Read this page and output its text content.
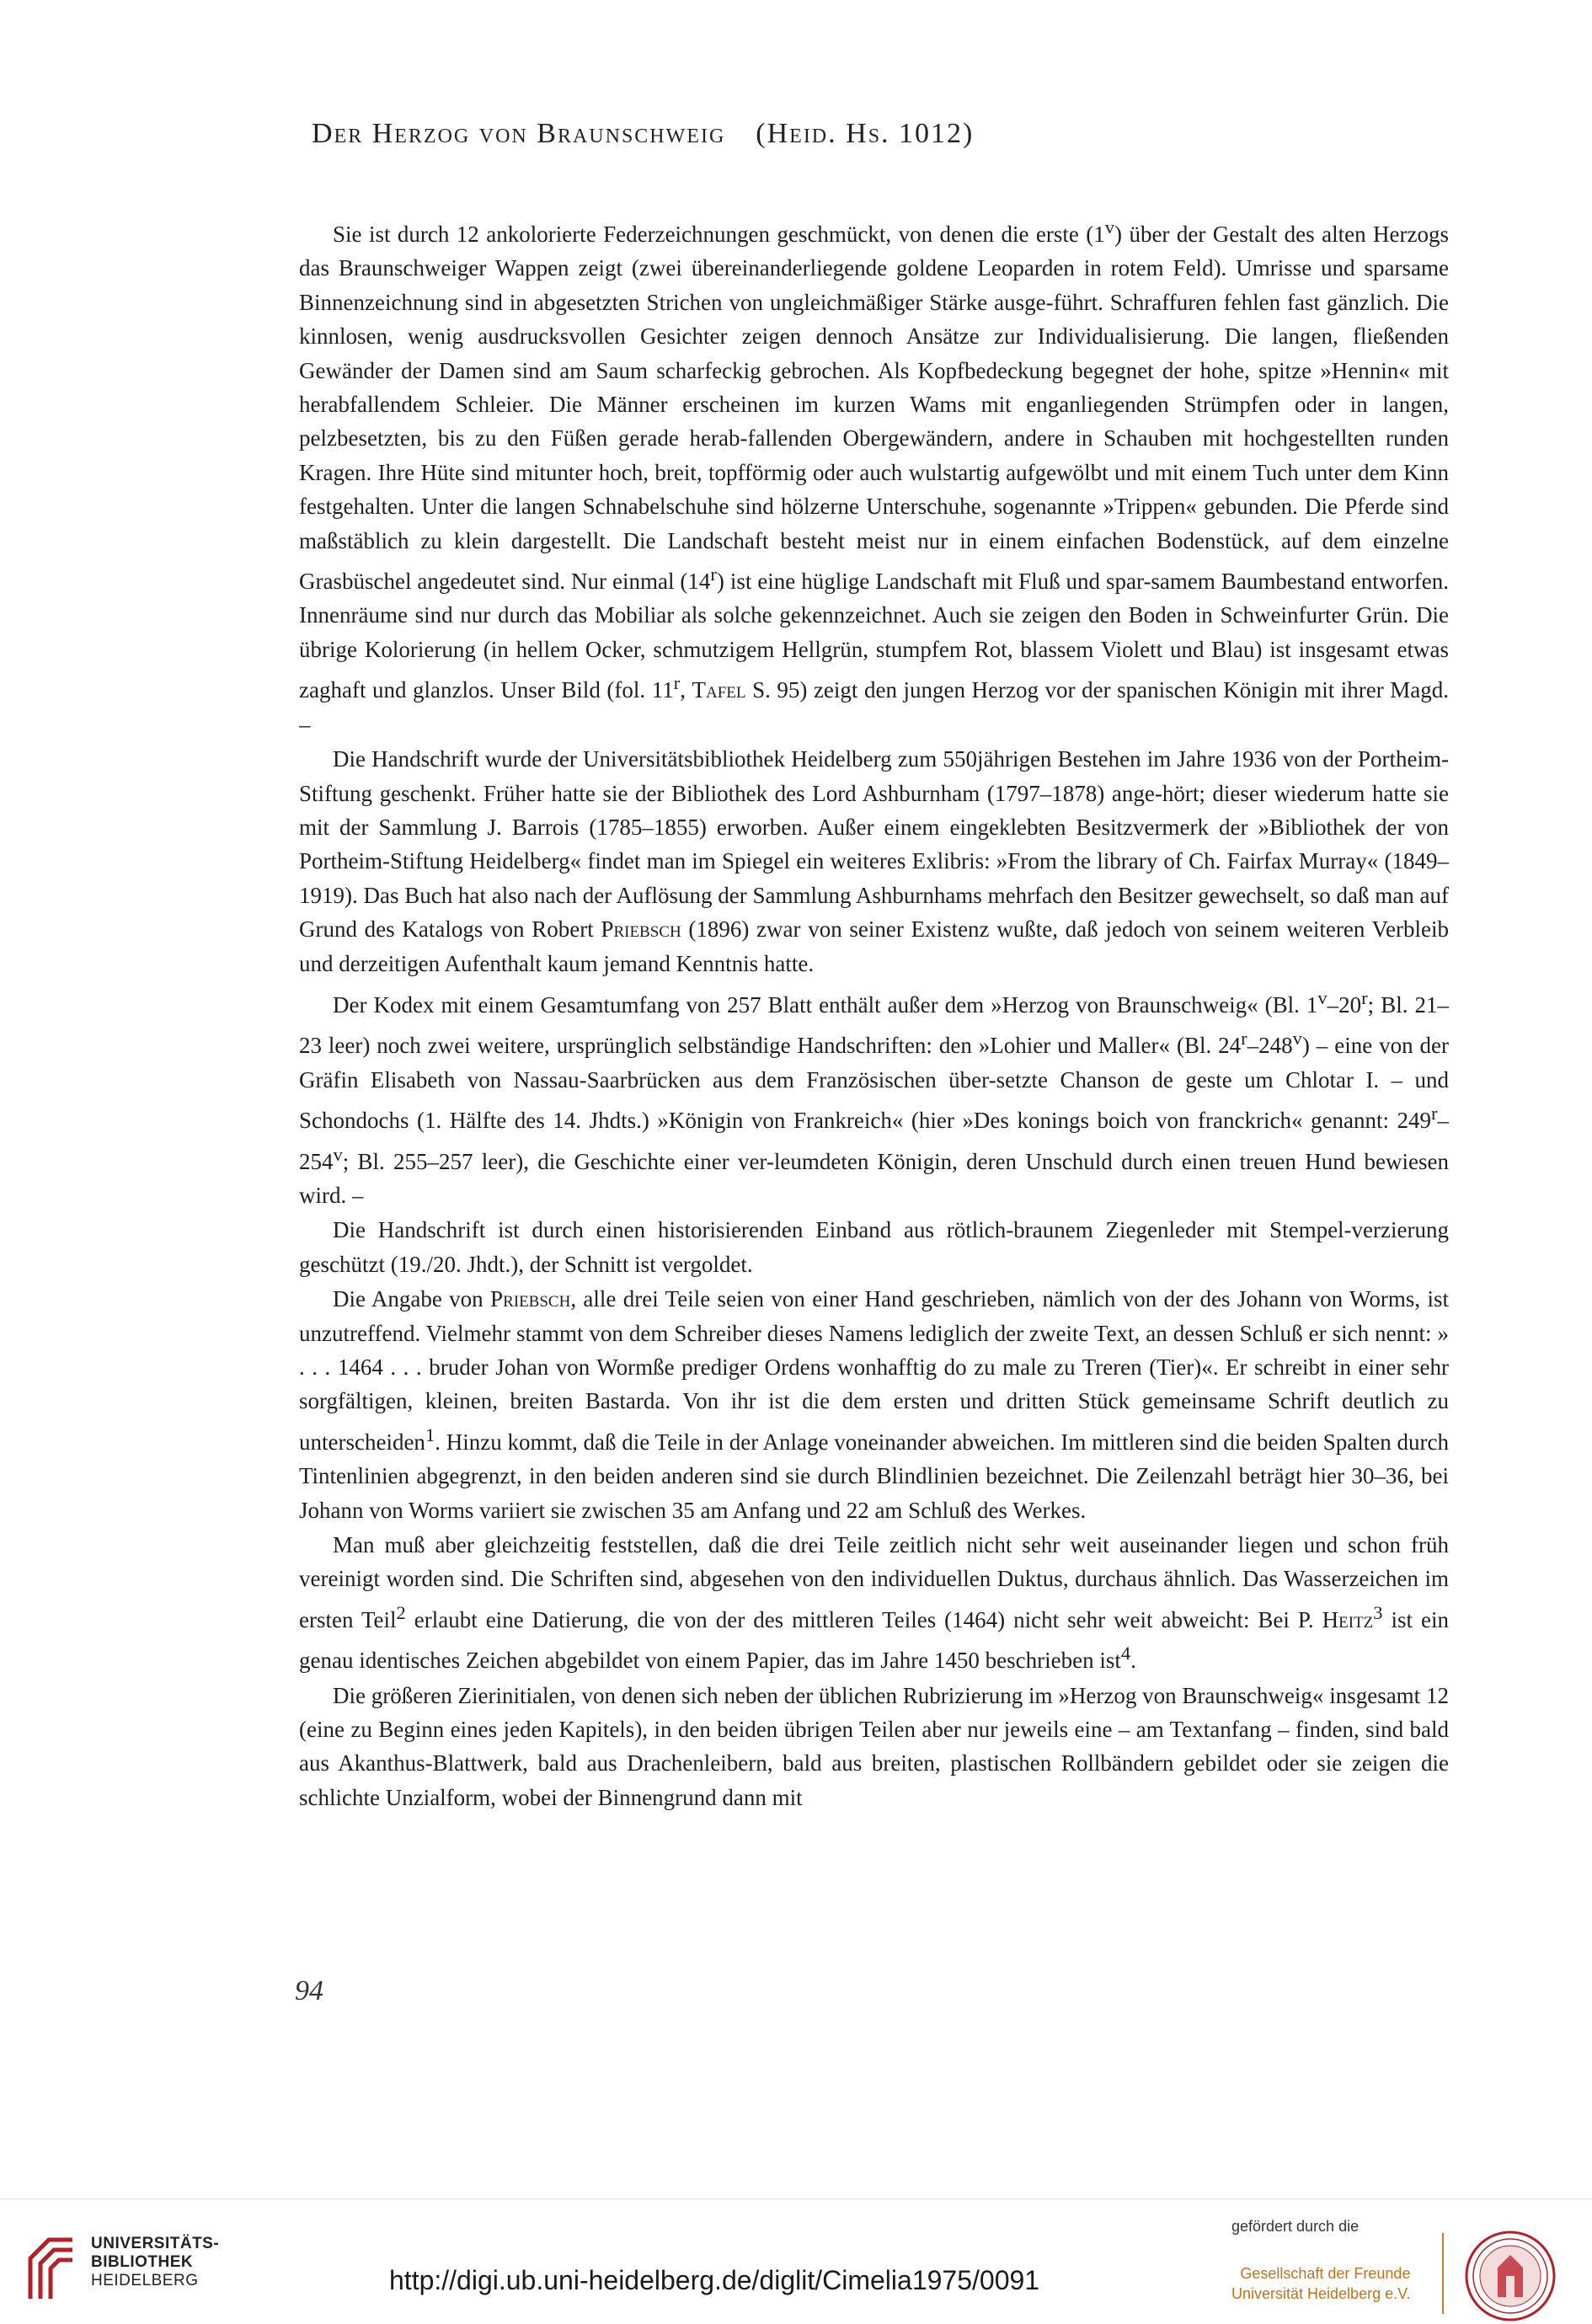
Der Herzog von Braunschweig (Heid. Hs. 1012)

Sie ist durch 12 ankolorierte Federzeichnungen geschmückt, von denen die erste (1$^v$) über der Gestalt des alten Herzogs das Braunschweiger Wappen zeigt (zwei übereinanderliegende goldene Leoparden in rotem Feld). Umrisse und sparsame Binnenzeichnung sind in abgesetzten Strichen von ungleichmäßiger Stärke ausge-führt. Schraffuren fehlen fast gänzlich. Die kinnlosen, wenig ausdrucksvollen Gesichter zeigen dennoch Ansätze zur Individualisierung. Die langen, fließenden Gewänder der Damen sind am Saum scharfeckig gebrochen. Als Kopfbedeckung begegnet der hohe, spitze »Hennin« mit herabfallendem Schleier. Die Männer erscheinen im kurzen Wams mit enganliegenden Strümpfen oder in langen, pelzbesetzten, bis zu den Füßen gerade herab-fallenden Obergewändern, andere in Schauben mit hochgestellten runden Kragen. Ihre Hüte sind mitunter hoch, breit, topfförmig oder auch wulstartig aufgewölbt und mit einem Tuch unter dem Kinn festgehalten. Unter die langen Schnabelschuhe sind hölzerne Unterschuhe, sogenannte »Trippen« gebunden. Die Pferde sind maßstäblich zu klein dargestellt. Die Landschaft besteht meist nur in einem einfachen Bodenstück, auf dem einzelne Grasbüschel angedeutet sind. Nur einmal (14$^r$) ist eine hüglige Landschaft mit Fluß und spar-samem Baumbestand entworfen. Innenräume sind nur durch das Mobiliar als solche gekennzeichnet. Auch sie zeigen den Boden in Schweinfurter Grün. Die übrige Kolorierung (in hellem Ocker, schmutzigem Hellgrün, stumpfem Rot, blassem Violett und Blau) ist insgesamt etwas zaghaft und glanzlos. Unser Bild (fol. 11$^r$, Tafel S. 95) zeigt den jungen Herzog vor der spanischen Königin mit ihrer Magd. –

Die Handschrift wurde der Universitätsbibliothek Heidelberg zum 550jährigen Bestehen im Jahre 1936 von der Portheim-Stiftung geschenkt. Früher hatte sie der Bibliothek des Lord Ashburnham (1797–1878) ange-hört; dieser wiederum hatte sie mit der Sammlung J. Barrois (1785–1855) erworben. Außer einem eingeklebten Besitzvermerk der »Bibliothek der von Portheim-Stiftung Heidelberg« findet man im Spiegel ein weiteres Exlibris: »From the library of Ch. Fairfax Murray« (1849–1919). Das Buch hat also nach der Auflösung der Sammlung Ashburnhams mehrfach den Besitzer gewechselt, so daß man auf Grund des Katalogs von Robert Priebsch (1896) zwar von seiner Existenz wußte, daß jedoch von seinem weiteren Verbleib und derzeitigen Aufenthalt kaum jemand Kenntnis hatte.

Der Kodex mit einem Gesamtumfang von 257 Blatt enthält außer dem »Herzog von Braunschweig« (Bl. 1$^v$–20$^r$; Bl. 21–23 leer) noch zwei weitere, ursprünglich selbständige Handschriften: den »Lohier und Maller« (Bl. 24$^r$–248$^v$) – eine von der Gräfin Elisabeth von Nassau-Saarbrücken aus dem Französischen über-setzte Chanson de geste um Chlotar I. – und Schondochs (1. Hälfte des 14. Jhdts.) »Königin von Frankreich« (hier »Des konings boich von franckrich« genannt: 249$^r$–254$^v$; Bl. 255–257 leer), die Geschichte einer ver-leumdeten Königin, deren Unschuld durch einen treuen Hund bewiesen wird. –

Die Handschrift ist durch einen historisierenden Einband aus rötlich-braunem Ziegenleder mit Stempel-verzierung geschützt (19./20. Jhdt.), der Schnitt ist vergoldet.

Die Angabe von Priebsch, alle drei Teile seien von einer Hand geschrieben, nämlich von der des Johann von Worms, ist unzutreffend. Vielmehr stammt von dem Schreiber dieses Namens lediglich der zweite Text, an dessen Schluß er sich nennt: » . . . 1464 . . . bruder Johan von Wormße prediger Ordens wonhafftig do zu male zu Treren (Tier)«. Er schreibt in einer sehr sorgfältigen, kleinen, breiten Bastarda. Von ihr ist die dem ersten und dritten Stück gemeinsame Schrift deutlich zu unterscheiden$^1$. Hinzu kommt, daß die Teile in der Anlage voneinander abweichen. Im mittleren sind die beiden Spalten durch Tintenlinien abgegrenzt, in den beiden anderen sind sie durch Blindlinien bezeichnet. Die Zeilenzahl beträgt hier 30–36, bei Johann von Worms variiert sie zwischen 35 am Anfang und 22 am Schluß des Werkes.

Man muß aber gleichzeitig feststellen, daß die drei Teile zeitlich nicht sehr weit auseinander liegen und schon früh vereinigt worden sind. Die Schriften sind, abgesehen von den individuellen Duktus, durchaus ähnlich. Das Wasserzeichen im ersten Teil$^2$ erlaubt eine Datierung, die von der des mittleren Teiles (1464) nicht sehr weit abweicht: Bei P. Heitz$^3$ ist ein genau identisches Zeichen abgebildet von einem Papier, das im Jahre 1450 beschrieben ist$^4$.

Die größeren Zierinitialen, von denen sich neben der üblichen Rubrizierung im »Herzog von Braunschweig« insgesamt 12 (eine zu Beginn eines jeden Kapitels), in den beiden übrigen Teilen aber nur jeweils eine – am Textanfang – finden, sind bald aus Akanthus-Blattwerk, bald aus Drachenleibern, bald aus breiten, plastischen Rollbändern gebildet oder sie zeigen die schlichte Unzialform, wobei der Binnengrund dann mit

94
UNIVERSITÄTS-
BIBLIOTHEK
HEIDELBERG	http://digi.ub.uni-heidelberg.de/diglit/Cimelia1975/0091
gefördert durch die
Gesellschaft der Freunde
Universität Heidelberg e.V.
